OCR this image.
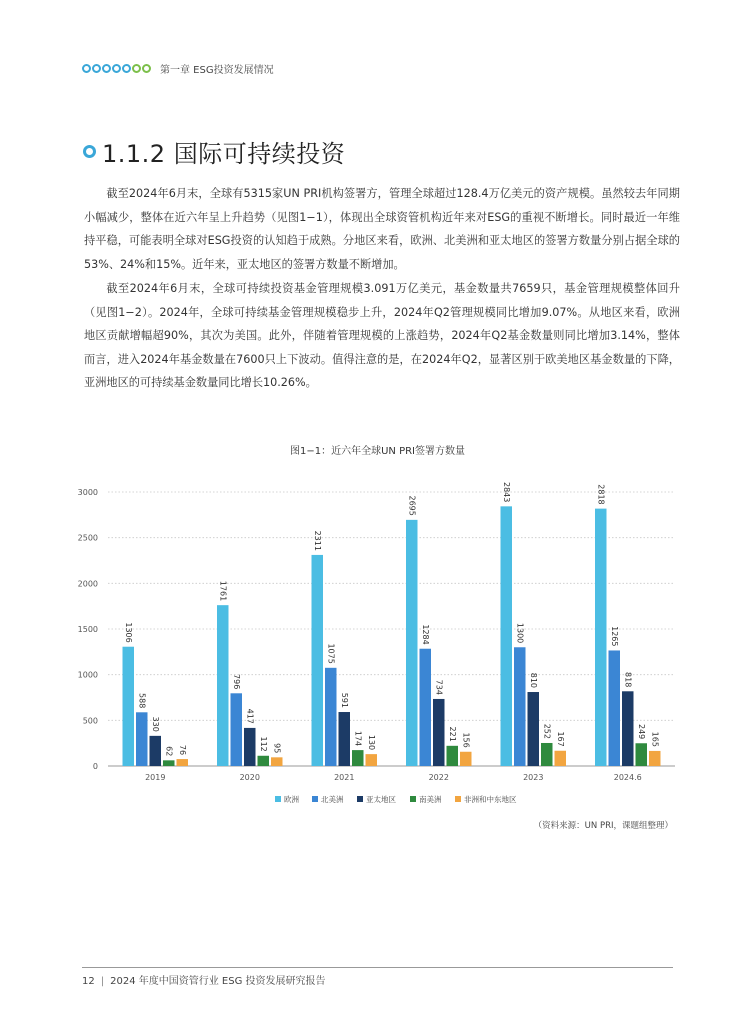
第一章 ESG投资发展情况
1.1.2 国际可持续投资

截至2024年6月末，全球有5315家UN PRI机构签署方，管理全球超过128.4万亿美元的资产规模。虽然较去年同期小幅减少，整体在近六年呈上升趋势（见图1−1），体现出全球资管机构近年来对ESG的重视不断增长。同时最近一年维持平稳，可能表明全球对ESG投资的认知趋于成熟。分地区来看，欧洲、北美洲和亚太地区的签署方数量分别占据全球的53%、24%和15%。近年来，亚太地区的签署方数量不断增加。

截至2024年6月末，全球可持续投资基金管理规模3.091万亿美元，基金数量共7659只，基金管理规模整体回升（见图1−2）。2024年，全球可持续基金管理规模稳步上升，2024年Q2管理规模同比增加9.07%。从地区来看，欧洲地区贡献增幅超90%，其次为美国。此外，伴随着管理规模的上涨趋势，2024年Q2基金数量则同比增加3.14%，整体而言，进入2024年基金数量在7600只上下波动。值得注意的是，在2024年Q2，显著区别于欧美地区基金数量的下降，亚洲地区的可持续基金数量同比增长10.26%。

图1−1：近六年全球UN PRI签署方数量
0
500
1000
1500
2000
2500
3000
1306
588
330
62 76
2019
1761
796
417
112 95
2020
2311
1075
591
174 130
2021
2695
1284
734
221 156
2022
2843
1300
810
252
167
2023
2818
1265
818
249
165
2024.6
欧洲	北美洲	亚太地区	南美洲	非洲和中东地区
（资料来源：UN PRI，课题组整理）
12 | 2024 年度中国资管行业 ESG 投资发展研究报告
